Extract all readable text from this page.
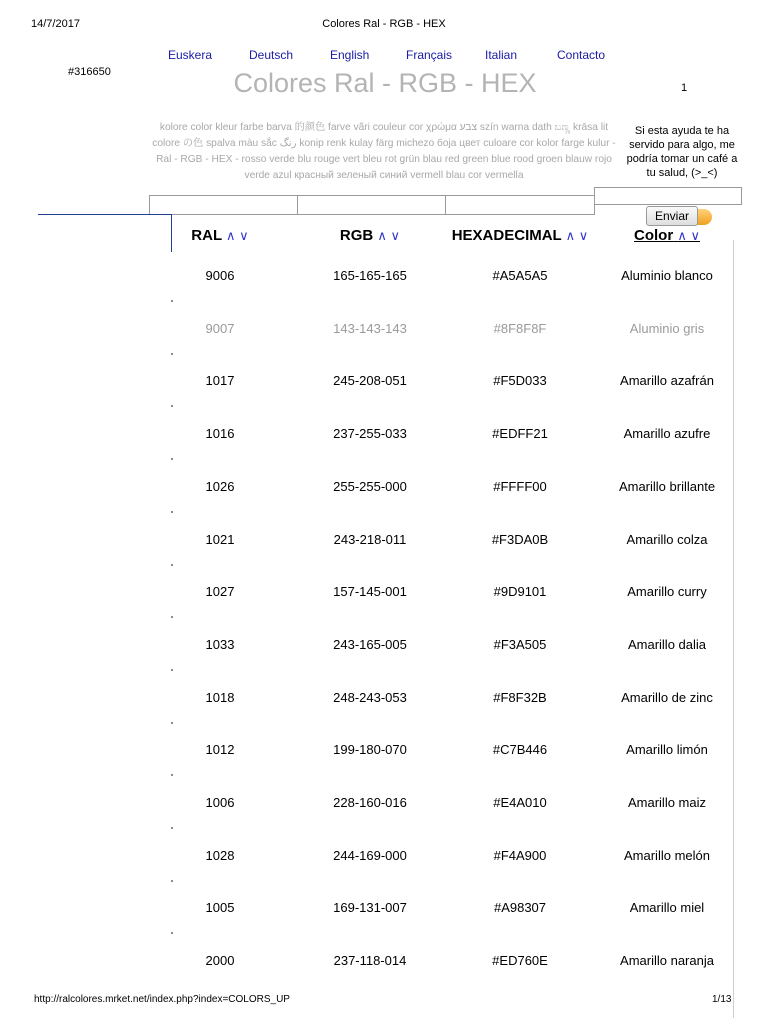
14/7/2017	Colores Ral - RGB - HEX
Euskera	Deutsch	English	Français	Italian	Contacto
#316650	Colores Ral - RGB - HEX	1
kolore color kleur farbe barva 的颜色 farve vãri couleur cor χρώμα צבע szín warna dath ಬಣ್ಣ krāsa lit colore の色 spalva màu sắc رنگ konip renk kulay färg michezo боја цвет culoare cor kolor farge kulur - Ral - RGB - HEX - rosso verde blu rouge vert bleu rot grün blau red green blue rood groen blauw rojo verde azul красный зеленый синий vermell blau cor vermella
Si esta ayuda te ha servido para algo, me podría tomar un café a tu salud, (>_<)
Enviar
RAL ∧ ∨	RGB ∧ ∨	HEXADECIMAL ∧ ∨	Color ∧ ∨
9006	165-165-165	#A5A5A5	Aluminio blanco
9007	143-143-143	#8F8F8F	Aluminio gris
1017	245-208-051	#F5D033	Amarillo azafrán
1016	237-255-033	#EDFF21	Amarillo azufre
1026	255-255-000	#FFFF00	Amarillo brillante
1021	243-218-011	#F3DA0B	Amarillo colza
1027	157-145-001	#9D9101	Amarillo curry
1033	243-165-005	#F3A505	Amarillo dalia
1018	248-243-053	#F8F32B	Amarillo de zinc
1012	199-180-070	#C7B446	Amarillo limón
1006	228-160-016	#E4A010	Amarillo maiz
1028	244-169-000	#F4A900	Amarillo melón
1005	169-131-007	#A98307	Amarillo miel
2000	237-118-014	#ED760E	Amarillo naranja
http://ralcolores.mrket.net/index.php?index=COLORS_UP	1/13
